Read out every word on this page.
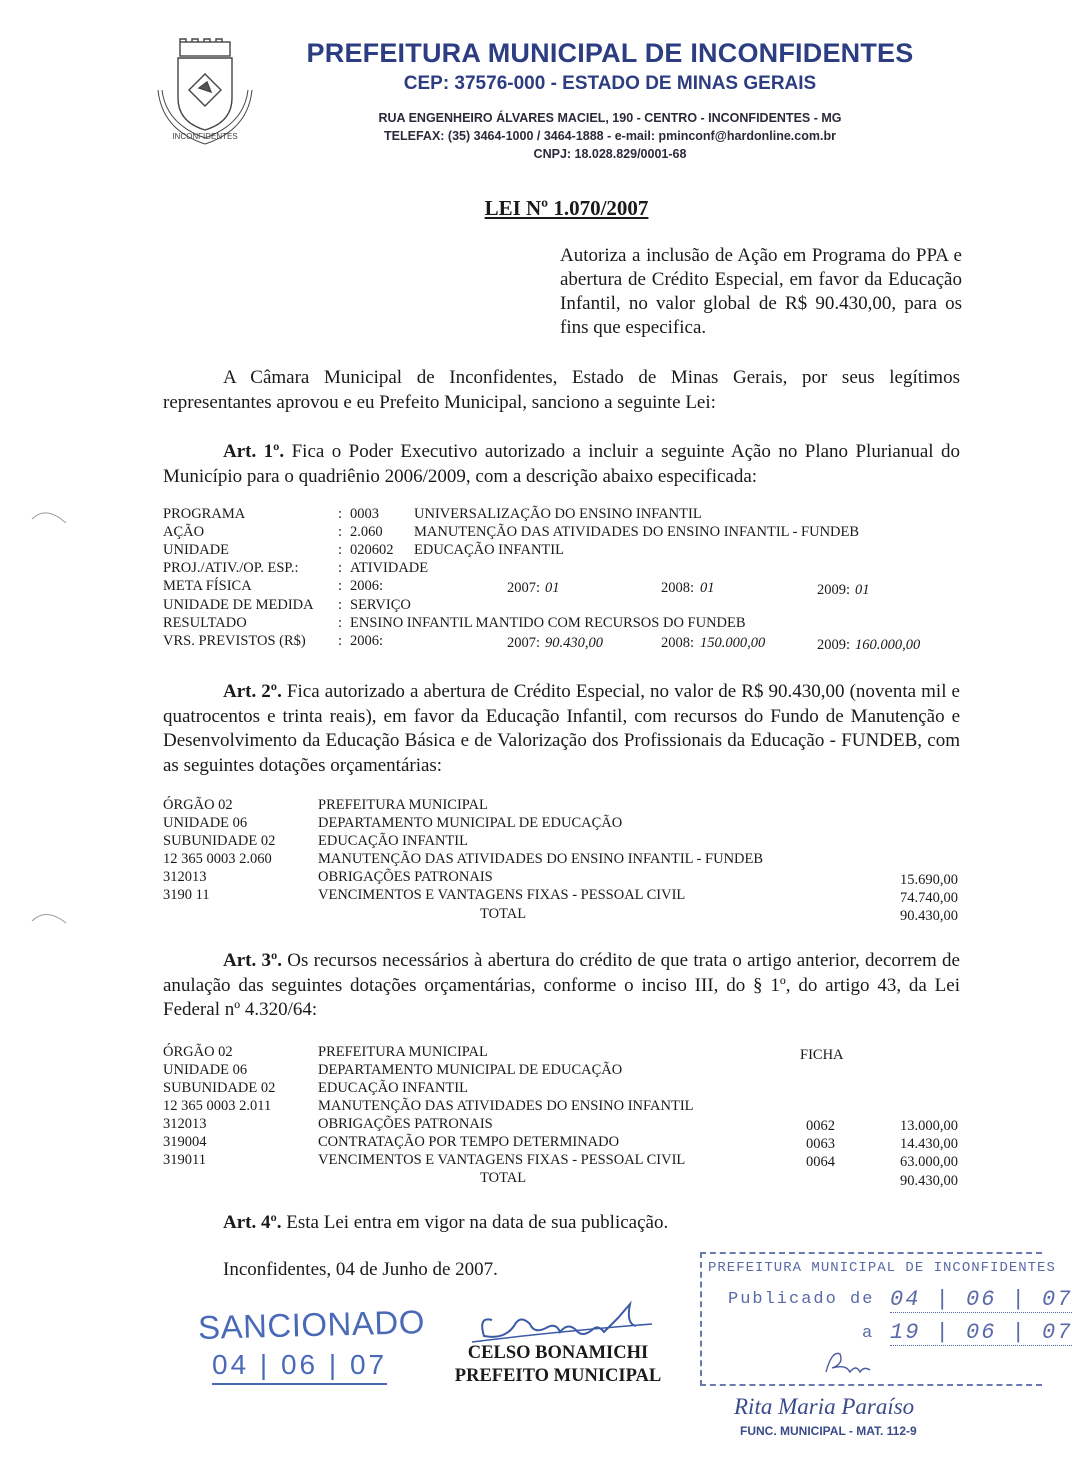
INCONFIDENTES
PREFEITURA MUNICIPAL DE INCONFIDENTES
CEP: 37576-000 - ESTADO DE MINAS GERAIS
RUA ENGENHEIRO ÁLVARES MACIEL, 190 - CENTRO - INCONFIDENTES - MG
TELEFAX: (35) 3464-1000 / 3464-1888 - e-mail: pminconf@hardonline.com.br
CNPJ: 18.028.829/0001-68
LEI Nº 1.070/2007
Autoriza a inclusão de Ação em Programa do PPA e abertura de Crédito Especial, em favor da Educação Infantil, no valor global de R$ 90.430,00, para os fins que especifica.
A Câmara Municipal de Inconfidentes, Estado de Minas Gerais, por seus legítimos representantes aprovou e eu Prefeito Municipal, sanciono a seguinte Lei:
Art. 1º. Fica o Poder Executivo autorizado a incluir a seguinte Ação no Plano Plurianual do Município para o quadriênio 2006/2009, com a descrição abaixo especificada:
PROGRAMA	: 0003 UNIVERSALIZAÇÃO DO ENSINO INFANTIL
AÇÃO	: 2.060 MANUTENÇÃO DAS ATIVIDADES DO ENSINO INFANTIL - FUNDEB
UNIDADE	: 020602 EDUCAÇÃO INFANTIL
PROJ./ATIV./OP. ESP.:	: ATIVIDADE
META FÍSICA	: 2006:	2007: 01	2008: 01	2009: 01
UNIDADE DE MEDIDA : SERVIÇO
RESULTADO	: ENSINO INFANTIL MANTIDO COM RECURSOS DO FUNDEB
VRS. PREVISTOS (R$) : 2006:	2007: 90.430,00	2008: 150.000,00	2009: 160.000,00
Art. 2º. Fica autorizado a abertura de Crédito Especial, no valor de R$ 90.430,00 (noventa mil e quatrocentos e trinta reais), em favor da Educação Infantil, com recursos do Fundo de Manutenção e Desenvolvimento da Educação Básica e de Valorização dos Profissionais da Educação - FUNDEB, com as seguintes dotações orçamentárias:
ÓRGÃO 02	PREFEITURA MUNICIPAL
UNIDADE 06	DEPARTAMENTO MUNICIPAL DE EDUCAÇÃO
SUBUNIDADE 02	EDUCAÇÃO INFANTIL
12 365 0003 2.060	MANUTENÇÃO DAS ATIVIDADES DO ENSINO INFANTIL - FUNDEB
312013	OBRIGAÇÕES PATRONAIS	15.690,00
3190 11	VENCIMENTOS E VANTAGENS FIXAS - PESSOAL CIVIL	74.740,00
TOTAL	90.430,00
Art. 3º. Os recursos necessários à abertura do crédito de que trata o artigo anterior, decorrem de anulação das seguintes dotações orçamentárias, conforme o inciso III, do § 1º, do artigo 43, da Lei Federal nº 4.320/64:
FICHA
ÓRGÃO 02	PREFEITURA MUNICIPAL
UNIDADE 06	DEPARTAMENTO MUNICIPAL DE EDUCAÇÃO
SUBUNIDADE 02	EDUCAÇÃO INFANTIL
12 365 0003 2.011	MANUTENÇÃO DAS ATIVIDADES DO ENSINO INFANTIL
312013	OBRIGAÇÕES PATRONAIS	0062	13.000,00
319004	CONTRATAÇÃO POR TEMPO DETERMINADO	0063	14.430,00
319011	VENCIMENTOS E VANTAGENS FIXAS - PESSOAL CIVIL	0064	63.000,00
TOTAL	90.430,00
Art. 4º. Esta Lei entra em vigor na data de sua publicação.
Inconfidentes, 04 de Junho de 2007.
SANCIONADO
04 | 06 | 07	CELSO BONAMICHI
PREFEITO MUNICIPAL
PREFEITURA MUNICIPAL DE INCONFIDENTES
Publicado de 04 | 06 | 07
a 19 | 06 | 07
Rita Maria Paraíso
FUNC. MUNICIPAL - MAT. 112-9
